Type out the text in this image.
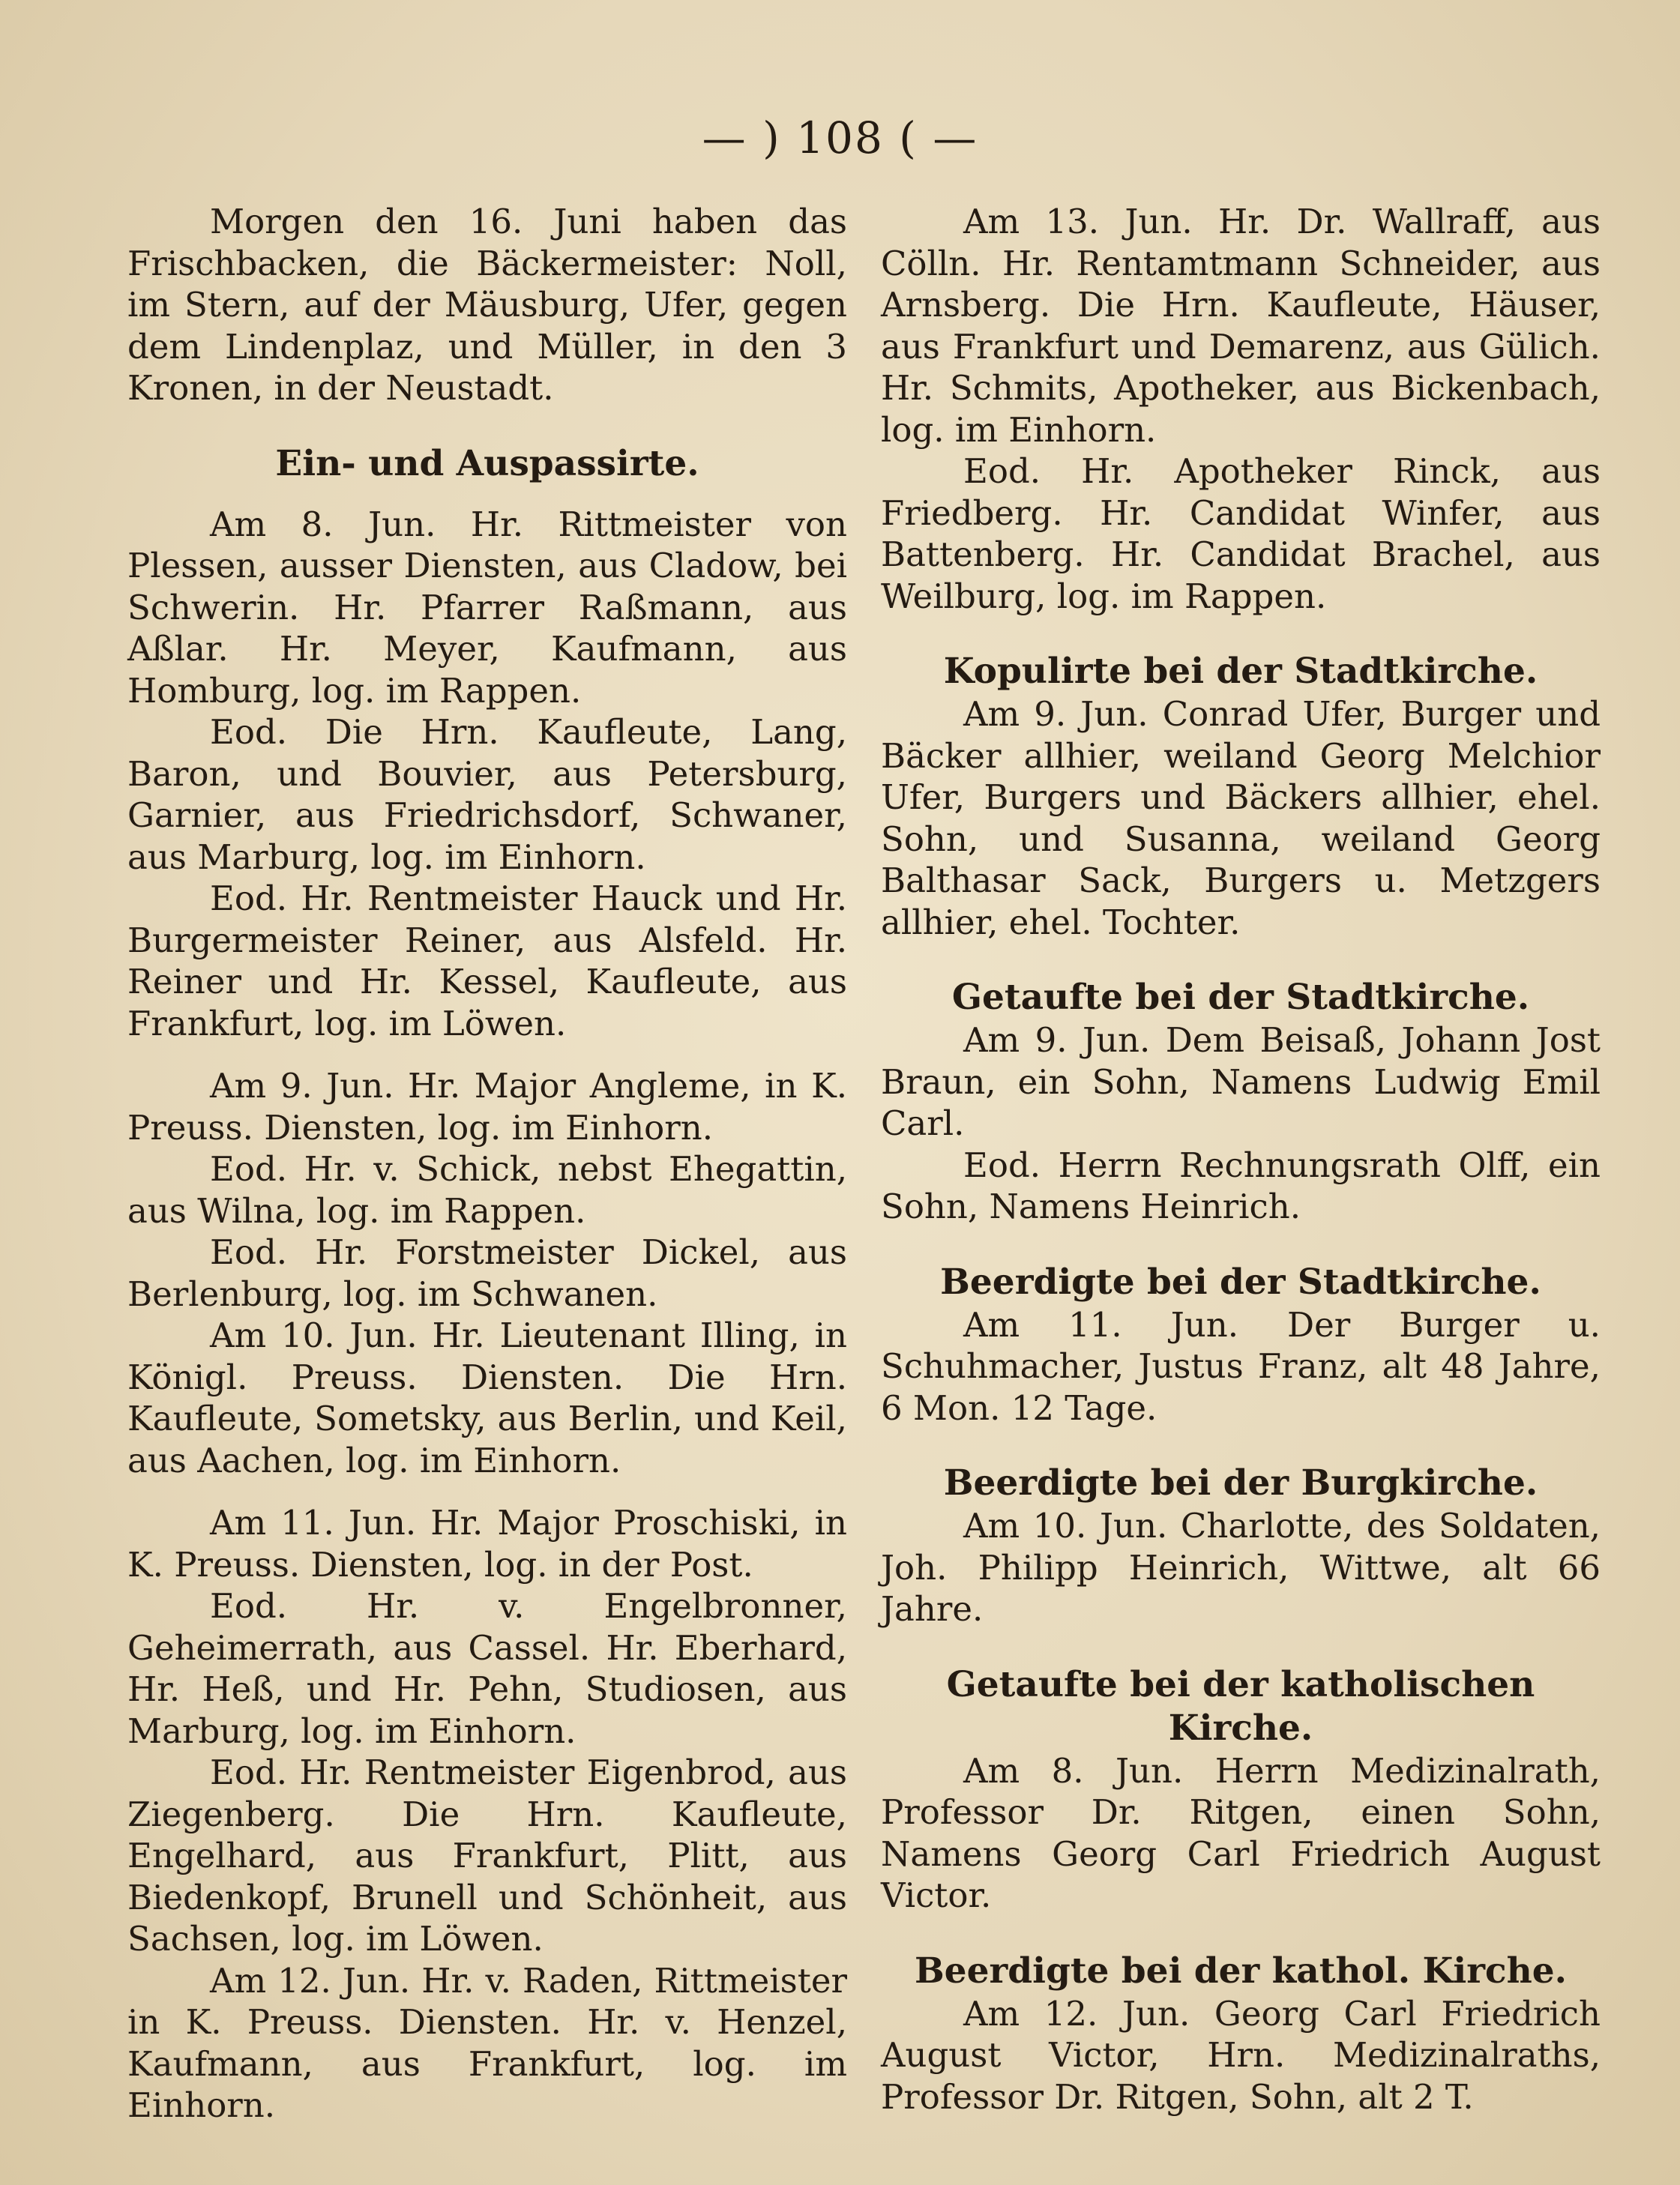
— ) 108 ( —

Morgen den 16. Juni haben das Frischbacken, die Bäckermeister: Noll, im Stern, auf der Mäusburg, Ufer, gegen dem Lindenplaz, und Müller, in den 3 Kronen, in der Neustadt.

Ein- und Auspassirte.

Am 8. Jun. Hr. Rittmeister von Plessen, ausser Diensten, aus Cladow, bei Schwerin. Hr. Pfarrer Raßmann, aus Aßlar. Hr. Meyer, Kaufmann, aus Homburg, log. im Rappen.

Eod. Die Hrn. Kaufleute, Lang, Baron, und Bouvier, aus Petersburg, Garnier, aus Friedrichsdorf, Schwaner, aus Marburg, log. im Einhorn.

Eod. Hr. Rentmeister Hauck und Hr. Burgermeister Reiner, aus Alsfeld. Hr. Reiner und Hr. Kessel, Kaufleute, aus Frankfurt, log. im Löwen.

Am 9. Jun. Hr. Major Angleme, in K. Preuss. Diensten, log. im Einhorn.

Eod. Hr. v. Schick, nebst Ehegattin, aus Wilna, log. im Rappen.

Eod. Hr. Forstmeister Dickel, aus Berlenburg, log. im Schwanen.

Am 10. Jun. Hr. Lieutenant Illing, in Königl. Preuss. Diensten. Die Hrn. Kaufleute, Sometsky, aus Berlin, und Keil, aus Aachen, log. im Einhorn.

Am 11. Jun. Hr. Major Proschiski, in K. Preuss. Diensten, log. in der Post.

Eod. Hr. v. Engelbronner, Geheimerrath, aus Cassel. Hr. Eberhard, Hr. Heß, und Hr. Pehn, Studiosen, aus Marburg, log. im Einhorn.

Eod. Hr. Rentmeister Eigenbrod, aus Ziegenberg. Die Hrn. Kaufleute, Engelhard, aus Frankfurt, Plitt, aus Biedenkopf, Brunell und Schönheit, aus Sachsen, log. im Löwen.

Am 12. Jun. Hr. v. Raden, Rittmeister in K. Preuss. Diensten. Hr. v. Henzel, Kaufmann, aus Frankfurt, log. im Einhorn.

Am 13. Jun. Hr. Dr. Wallraff, aus Cölln. Hr. Rentamtmann Schneider, aus Arnsberg. Die Hrn. Kaufleute, Häuser, aus Frankfurt und Demarenz, aus Gülich. Hr. Schmits, Apotheker, aus Bickenbach, log. im Einhorn.

Eod. Hr. Apotheker Rinck, aus Friedberg. Hr. Candidat Winfer, aus Battenberg. Hr. Candidat Brachel, aus Weilburg, log. im Rappen.

Kopulirte bei der Stadtkirche.

Am 9. Jun. Conrad Ufer, Burger und Bäcker allhier, weiland Georg Melchior Ufer, Burgers und Bäckers allhier, ehel. Sohn, und Susanna, weiland Georg Balthasar Sack, Burgers u. Metzgers allhier, ehel. Tochter.

Getaufte bei der Stadtkirche.

Am 9. Jun. Dem Beisaß, Johann Jost Braun, ein Sohn, Namens Ludwig Emil Carl.

Eod. Herrn Rechnungsrath Olff, ein Sohn, Namens Heinrich.

Beerdigte bei der Stadtkirche.

Am 11. Jun. Der Burger u. Schuhmacher, Justus Franz, alt 48 Jahre, 6 Mon. 12 Tage.

Beerdigte bei der Burgkirche.

Am 10. Jun. Charlotte, des Soldaten, Joh. Philipp Heinrich, Wittwe, alt 66 Jahre.

Getaufte bei der katholischen Kirche.

Am 8. Jun. Herrn Medizinalrath, Professor Dr. Ritgen, einen Sohn, Namens Georg Carl Friedrich August Victor.

Beerdigte bei der kathol. Kirche.

Am 12. Jun. Georg Carl Friedrich August Victor, Hrn. Medizinalraths, Professor Dr. Ritgen, Sohn, alt 2 T.
